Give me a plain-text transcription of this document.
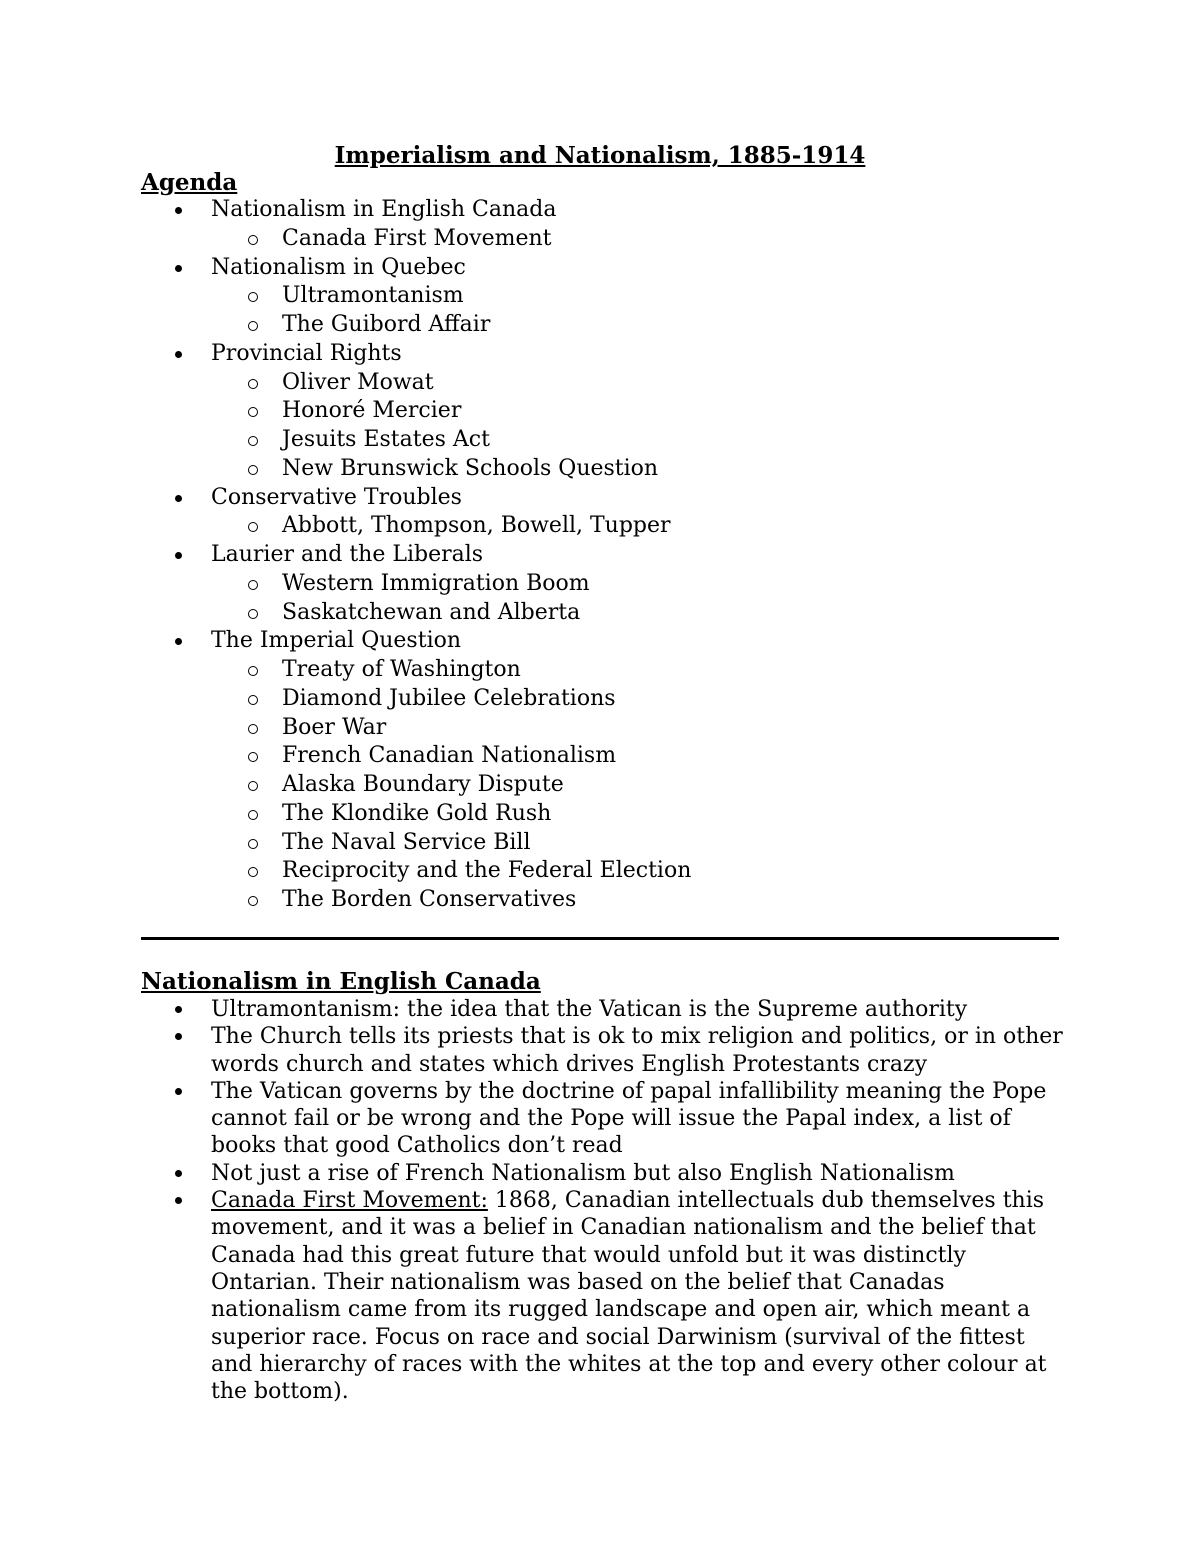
Imperialism and Nationalism, 1885-1914
Agenda
Nationalism in English Canada
Canada First Movement
Nationalism in Quebec
Ultramontanism
The Guibord Affair
Provincial Rights
Oliver Mowat
Honoré Mercier
Jesuits Estates Act
New Brunswick Schools Question
Conservative Troubles
Abbott, Thompson, Bowell, Tupper
Laurier and the Liberals
Western Immigration Boom
Saskatchewan and Alberta
The Imperial Question
Treaty of Washington
Diamond Jubilee Celebrations
Boer War
French Canadian Nationalism
Alaska Boundary Dispute
The Klondike Gold Rush
The Naval Service Bill
Reciprocity and the Federal Election
The Borden Conservatives
Nationalism in English Canada
Ultramontanism: the idea that the Vatican is the Supreme authority
The Church tells its priests that is ok to mix religion and politics, or in other words church and states which drives English Protestants crazy
The Vatican governs by the doctrine of papal infallibility meaning the Pope cannot fail or be wrong and the Pope will issue the Papal index, a list of books that good Catholics don’t read
Not just a rise of French Nationalism but also English Nationalism
Canada First Movement: 1868, Canadian intellectuals dub themselves this movement, and it was a belief in Canadian nationalism and the belief that Canada had this great future that would unfold but it was distinctly Ontarian. Their nationalism was based on the belief that Canadas nationalism came from its rugged landscape and open air, which meant a superior race. Focus on race and social Darwinism (survival of the fittest and hierarchy of races with the whites at the top and every other colour at the bottom).
